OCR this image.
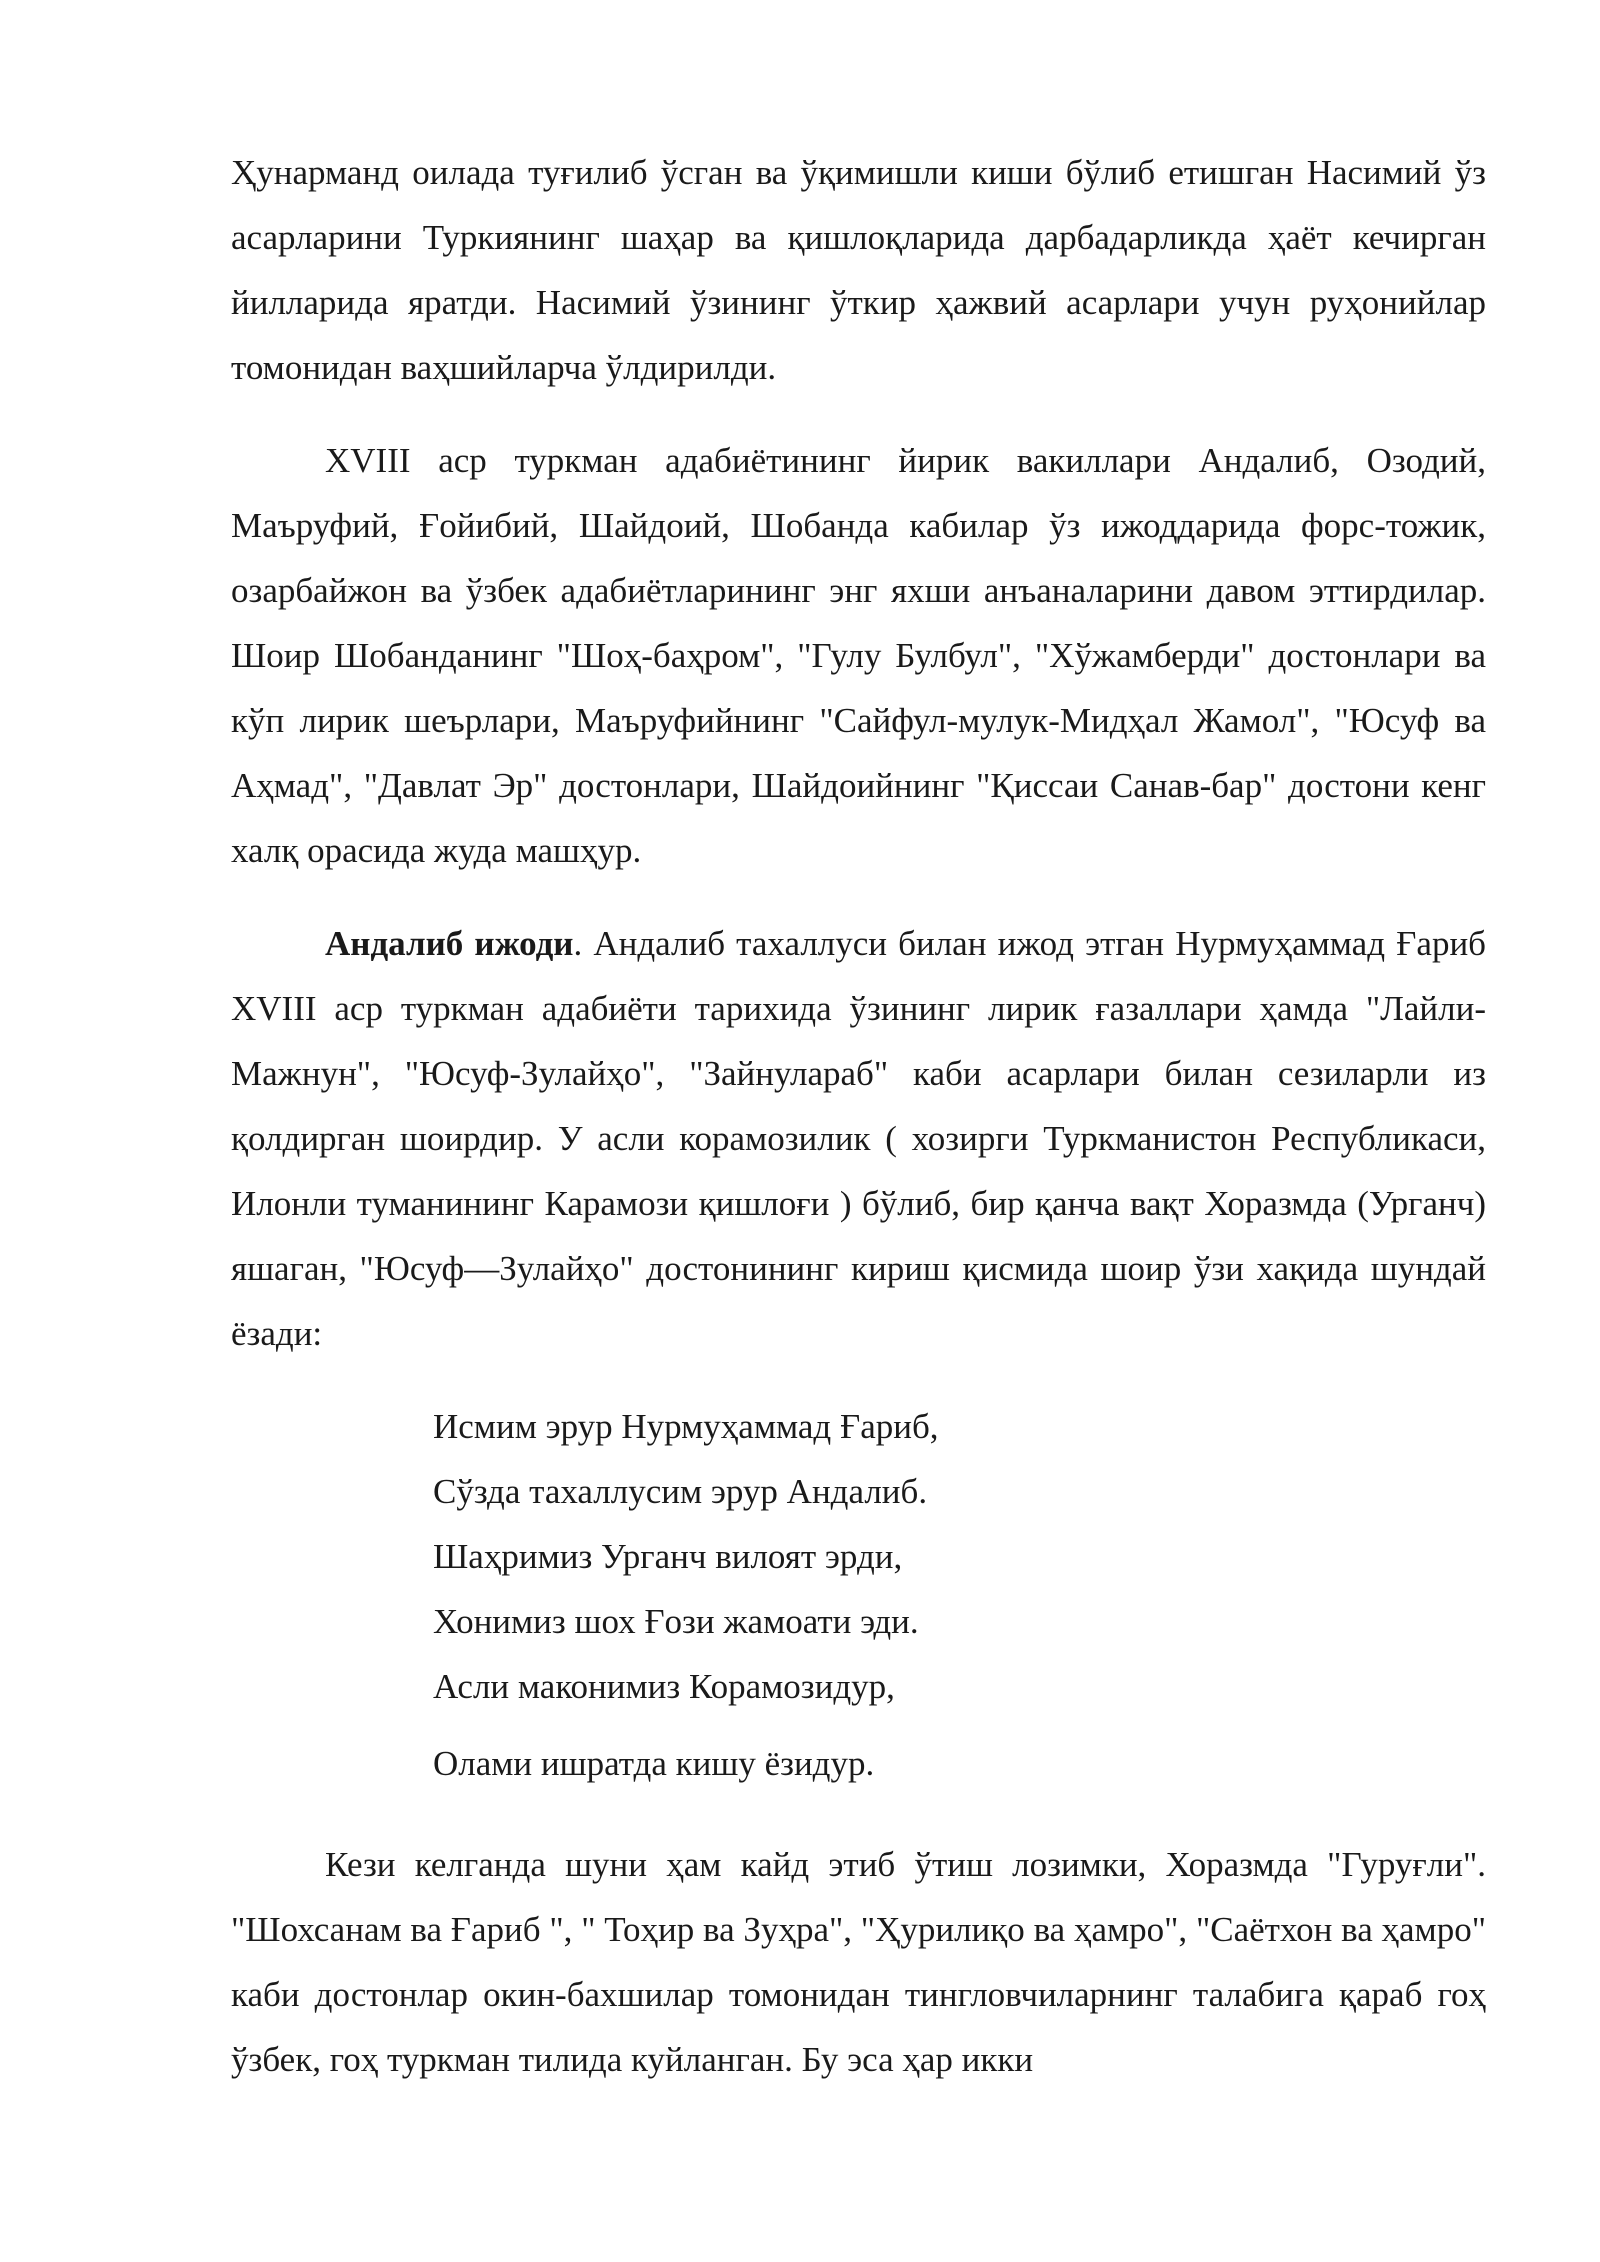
Ҳунарманд оилада туғилиб ўсган ва ўқимишли киши бўлиб етишган Насимий ўз асарларини Туркиянинг шаҳар ва қишлоқларида дарбадарликда ҳаёт кечирган йилларида яратди. Насимий ўзининг ўткир ҳажвий асарлари учун руҳонийлар томонидан ваҳшийларча ўлдирилди.

XVIII аср туркман адабиётининг йирик вакиллари Андалиб, Озодий, Маъруфий, Ғойибий, Шайдоий, Шобанда кабилар ўз ижоддарида форс-тожик, озарбайжон ва ўзбек адабиётларининг энг яхши анъаналарини давом эттирдилар. Шоир Шобанданинг "Шоҳ-баҳром", "Гулу Булбул", "Хўжамберди" достонлари ва кўп лирик шеърлари, Маъруфийнинг "Сайфул-мулук-Мидҳал Жамол", "Юсуф ва Аҳмад", "Давлат Эр" достонлари, Шайдоийнинг "Қиссаи Санав-бар" достони кенг халқ орасида жуда машҳур.

Андалиб ижоди. Андалиб тахаллуси билан ижод этган Нурмуҳаммад Ғариб XVIII аср туркман адабиёти тарихида ўзининг лирик ғазаллари ҳамда "Лайли-Мажнун", "Юсуф-Зулайҳо", "Зайнулараб" каби асарлари билан сезиларли из қолдирган шоирдир. У асли корамозилик ( хозирги Туркманистон Республикаси, Илонли туманининг Карамози қишлоғи ) бўлиб, бир қанча вақт Хоразмда (Урганч) яшаган, "Юсуф—Зулайҳо" достонининг кириш қисмида шоир ўзи хақида шундай ёзади:

Исмим эрур Нурмуҳаммад Ғариб,
Сўзда тахаллусим эрур Андалиб.
Шаҳримиз Урганч вилоят эрди,
Хонимиз шох Ғози жамоати эди.
Асли маконимиз Корамозидур,
Олами ишратда кишу ёзидур.

Кези келганда шуни ҳам кайд этиб ўтиш лозимки, Хоразмда "Гуруғли". "Шохсанам ва Ғариб ", " Тоҳир ва Зуҳра", "Ҳурилиқо ва ҳамро", "Саётхон ва ҳамро" каби достонлар окин-бахшилар томонидан тингловчиларнинг талабига қараб гоҳ ўзбек, гоҳ туркман тилида куйланган. Бу эса ҳар икки
